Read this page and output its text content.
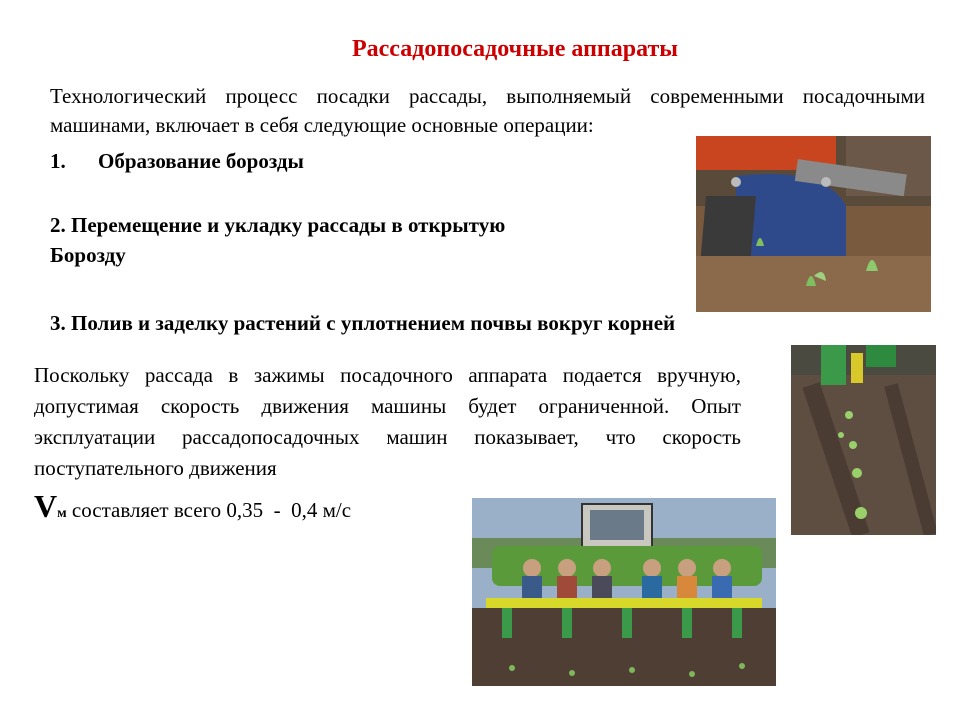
Рассадопосадочные аппараты
Технологический процесс посадки рассады, выполняемый современными посадочными машинами, включает в себя следующие основные операции:
1. Образование борозды
2. Перемещение и укладку рассады в открытую
Борозду
3. Полив и заделку растений с уплотнением почвы вокруг корней
Поскольку рассада в зажимы посадочного аппарата подается вручную, допустимая скорость движения машины будет ограниченной. Опыт эксплуатации рассадопосадочных машин показывает, что скорость поступательного движения
Vм составляет всего 0,35  -  0,4 м/с
